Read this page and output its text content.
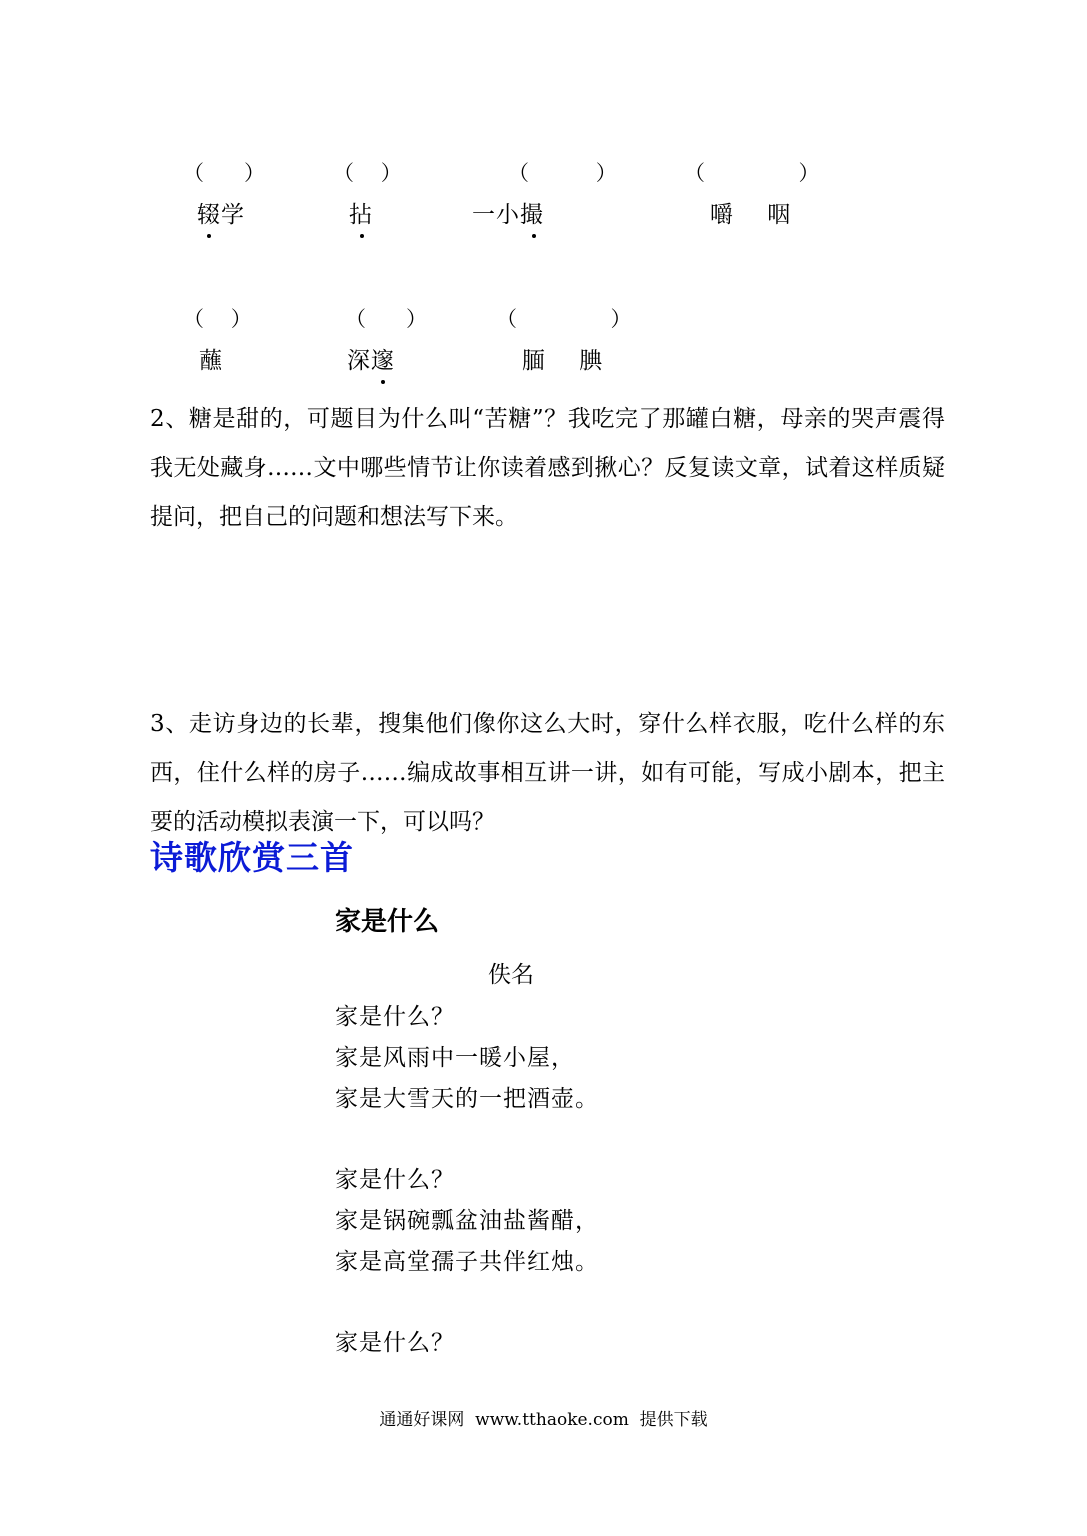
（      ）
辍学
（    ）
拈
（          ）
一小撮
（              ）
嚼    咽
（    ）
蘸
（      ）
深邃
（              ）
腼    腆

2、糖是甜的，可题目为什么叫“苦糖”？我吃完了那罐白糖，母亲的哭声震得我无处藏身……文中哪些情节让你读着感到揪心？反复读文章，试着这样质疑提问，把自己的问题和想法写下来。

3、走访身边的长辈，搜集他们像你这么大时，穿什么样衣服，吃什么样的东西，住什么样的房子……编成故事相互讲一讲，如有可能，写成小剧本，把主要的活动模拟表演一下，可以吗？

诗歌欣赏三首
家是什么
佚名
家是什么？
家是风雨中一暖小屋，
家是大雪天的一把酒壶。
家是什么？
家是锅碗瓢盆油盐酱醋，
家是高堂孺子共伴红烛。
家是什么？
通通好课网  www.tthaoke.com  提供下载
